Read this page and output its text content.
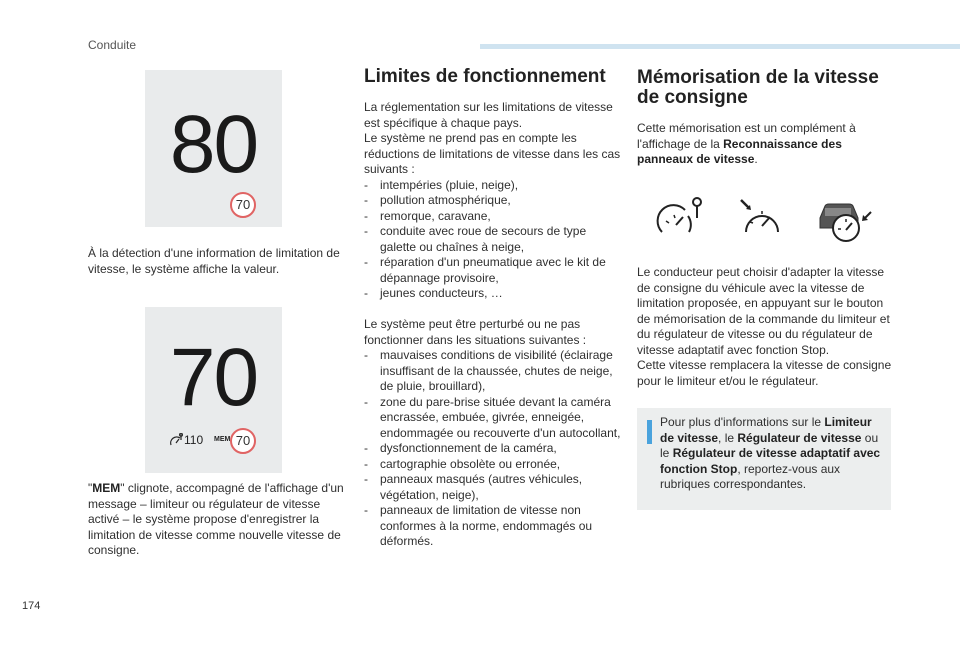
Conduite
80
70

À la détection d'une information de limitation de vitesse, le système affiche la valeur.

70
110 MEM 70

"MEM" clignote, accompagné de l'affichage d'un message – limiteur ou régulateur de vitesse activé – le système propose d'enregistrer la limitation de vitesse comme nouvelle vitesse de consigne.

Limites de fonctionnement

La réglementation sur les limitations de vitesse est spécifique à chaque pays.

Le système ne prend pas en compte les réductions de limitations de vitesse dans les cas suivants :

- intempéries (pluie, neige),
- pollution atmosphérique,
- remorque, caravane,
- conduite avec roue de secours de type galette ou chaînes à neige,
- réparation d'un pneumatique avec le kit de dépannage provisoire,
- jeunes conducteurs, …

Le système peut être perturbé ou ne pas fonctionner dans les situations suivantes :

- mauvaises conditions de visibilité (éclairage insuffisant de la chaussée, chutes de neige, de pluie, brouillard),
- zone du pare-brise située devant la caméra encrassée, embuée, givrée, enneigée, endommagée ou recouverte d'un autocollant,
- dysfonctionnement de la caméra,
- cartographie obsolète ou erronée,
- panneaux masqués (autres véhicules, végétation, neige),
- panneaux de limitation de vitesse non conformes à la norme, endommagés ou déformés.
Mémorisation de la vitesse de consigne

Cette mémorisation est un complément à l'affichage de la Reconnaissance des panneaux de vitesse.

Le conducteur peut choisir d'adapter la vitesse de consigne du véhicule avec la vitesse de limitation proposée, en appuyant sur le bouton de mémorisation de la commande du limiteur et du régulateur de vitesse ou du régulateur de vitesse adaptatif avec fonction Stop.

Cette vitesse remplacera la vitesse de consigne pour le limiteur et/ou le régulateur.

Pour plus d'informations sur le Limiteur de vitesse, le Régulateur de vitesse ou le Régulateur de vitesse adaptatif avec fonction Stop, reportez-vous aux rubriques correspondantes.
174
